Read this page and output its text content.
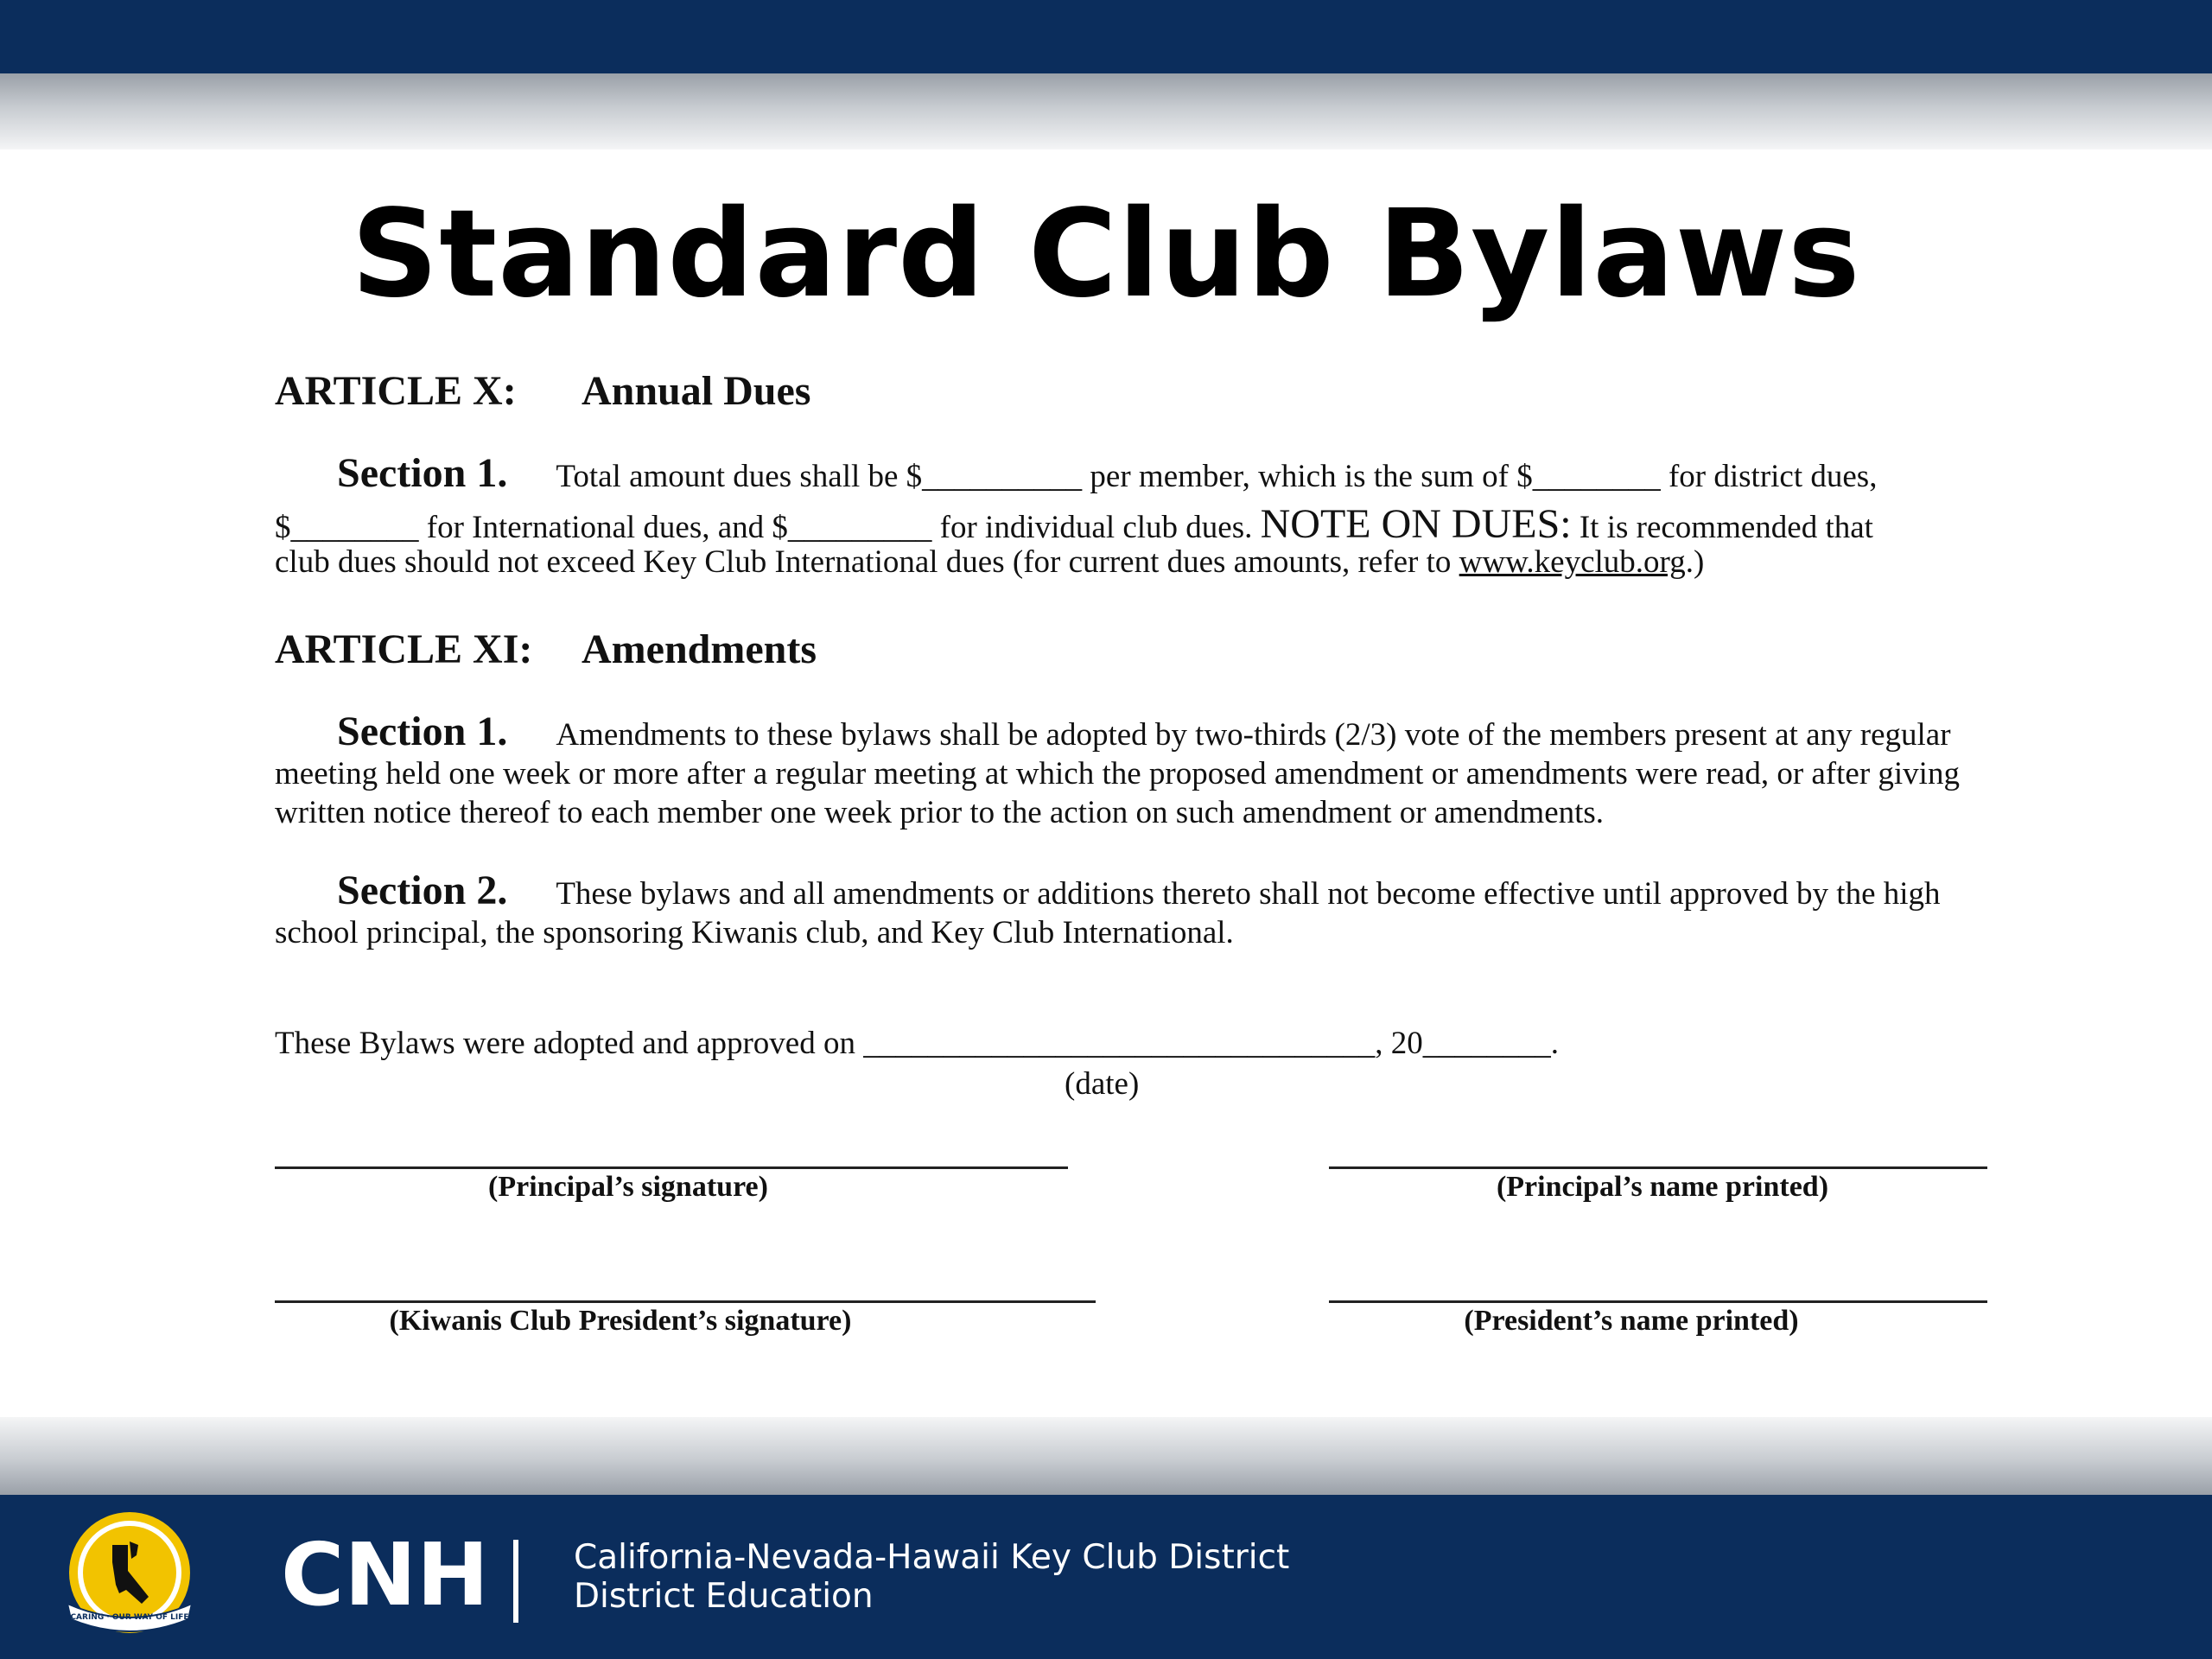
Standard Club Bylaws
ARTICLE X: Annual Dues
Section 1. Total amount dues shall be $__________ per member, which is the sum of $________ for district dues,
$________ for International dues, and $_________ for individual club dues. NOTE ON DUES: It is recommended that
club dues should not exceed Key Club International dues (for current dues amounts, refer to www.keyclub.org.)
ARTICLE XI: Amendments
Section 1. Amendments to these bylaws shall be adopted by two-thirds (2/3) vote of the members present at any regular meeting held one week or more after a regular meeting at which the proposed amendment or amendments were read, or after giving written notice thereof to each member one week prior to the action on such amendment or amendments.
Section 2. These bylaws and all amendments or additions thereto shall not become effective until approved by the high school principal, the sponsoring Kiwanis club, and Key Club International.
These Bylaws were adopted and approved on ________________________________, 20________.
(date)
(Principal’s signature)	(Principal’s name printed)
(Kiwanis Club President’s signature)	(President’s name printed)
CARING · OUR WAY OF LIFE CNH	California-Nevada-Hawaii Key Club District
District Education
